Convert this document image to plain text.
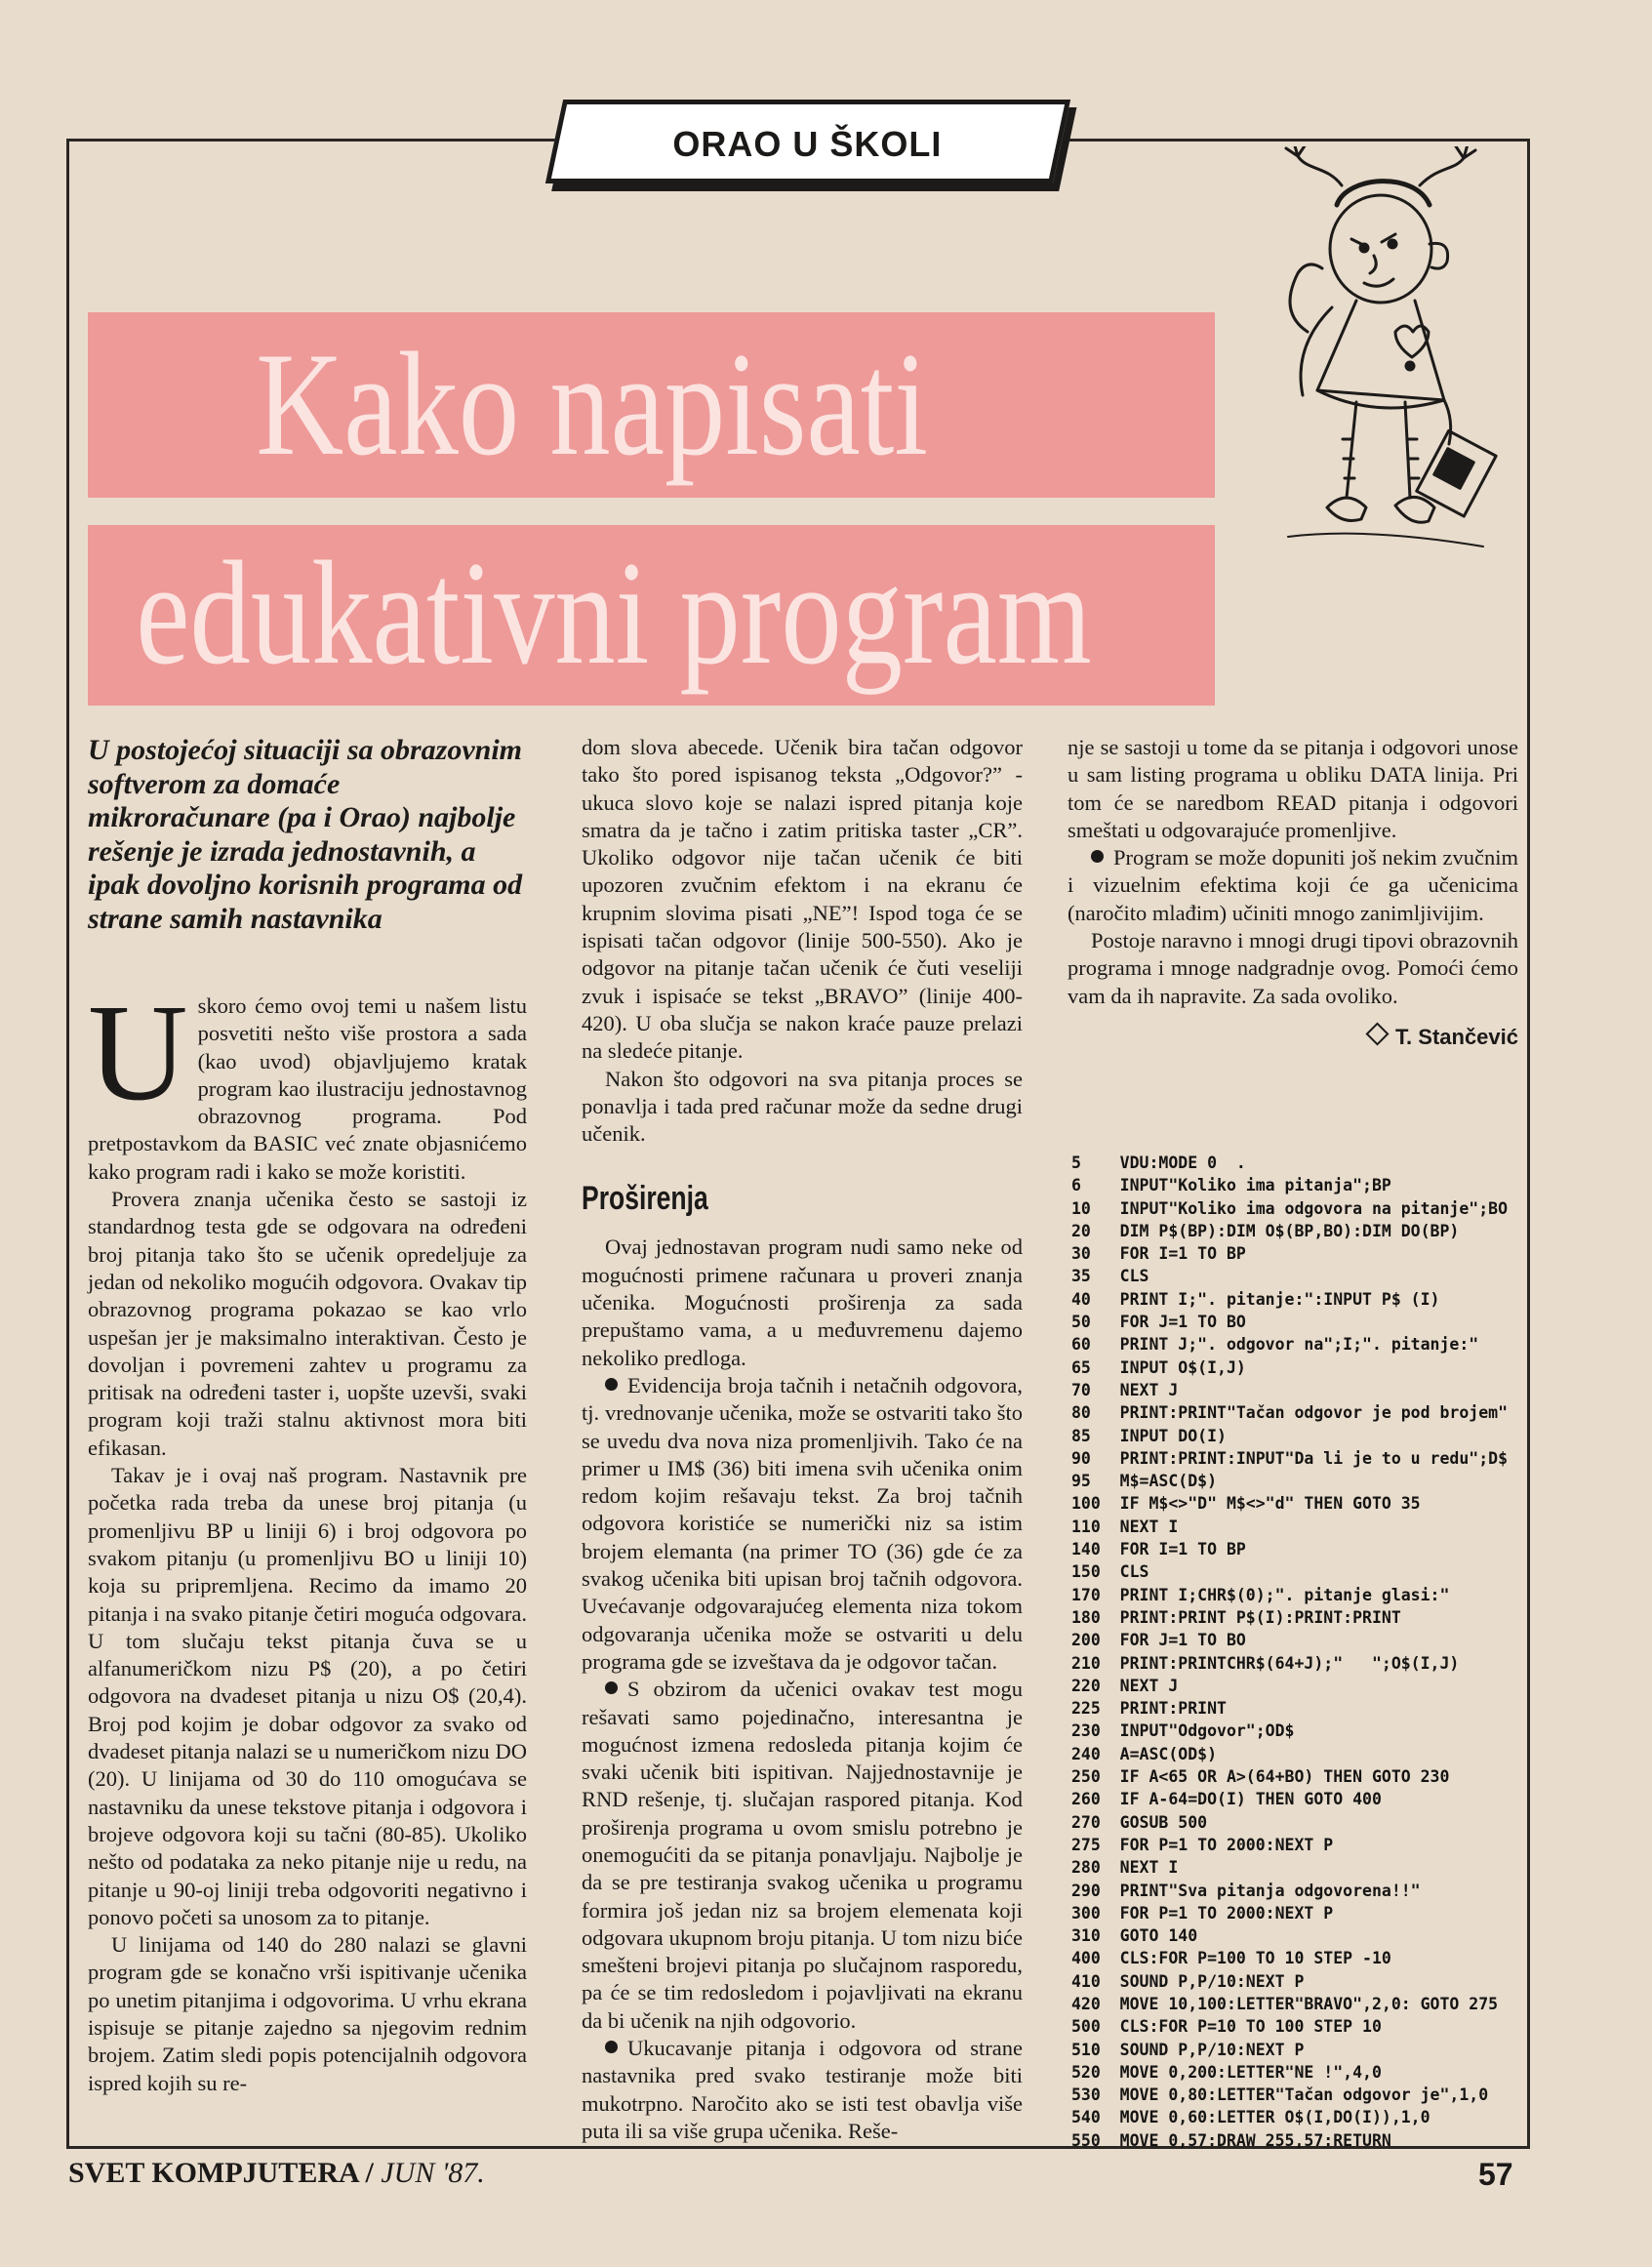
ORAO U ŠKOLI
Kako napisati
edukativni program

U postojećoj situaciji sa obrazovnim softverom za domaće mikroračunare (pa i Orao) najbolje rešenje je izrada jednostavnih, a ipak dovoljno korisnih programa od strane samih nastavnika

Uskoro ćemo ovoj temi u našem listu posvetiti nešto više prostora a sada (kao uvod) objavljujemo kratak program kao ilustraciju jednostavnog obrazovnog programa. Pod pretpostavkom da BASIC već znate objasnićemo kako program radi i kako se može koristiti.

Provera znanja učenika često se sastoji iz standardnog testa gde se odgovara na određeni broj pitanja tako što se učenik opredeljuje za jedan od nekoliko mogućih odgovora. Ovakav tip obrazovnog programa pokazao se kao vrlo uspešan jer je maksimalno interaktivan. Često je dovoljan i povremeni zahtev u programu za pritisak na određeni taster i, uopšte uzevši, svaki program koji traži stalnu aktivnost mora biti efikasan.

Takav je i ovaj naš program. Nastavnik pre početka rada treba da unese broj pitanja (u promenljivu BP u liniji 6) i broj odgovora po svakom pitanju (u promenljivu BO u liniji 10) koja su pripremljena. Recimo da imamo 20 pitanja i na svako pitanje četiri moguća odgovara. U tom slučaju tekst pitanja čuva se u alfanumeričkom nizu P$ (20), a po četiri odgovora na dvadeset pitanja u nizu O$ (20,4). Broj pod kojim je dobar odgovor za svako od dvadeset pitanja nalazi se u numeričkom nizu DO (20). U linijama od 30 do 110 omogućava se nastavniku da unese tekstove pitanja i odgovora i brojeve odgovora koji su tačni (80-85). Ukoliko nešto od podataka za neko pitanje nije u redu, na pitanje u 90-oj liniji treba odgovoriti negativno i ponovo početi sa unosom za to pitanje.

U linijama od 140 do 280 nalazi se glavni program gde se konačno vrši ispitivanje učenika po unetim pitanjima i odgovorima. U vrhu ekrana ispisuje se pitanje zajedno sa njegovim rednim brojem. Zatim sledi popis potencijalnih odgovora ispred kojih su re-

dom slova abecede. Učenik bira tačan odgovor tako što pored ispisanog teksta „Odgovor?” - ukuca slovo koje se nalazi ispred pitanja koje smatra da je tačno i zatim pritiska taster „CR”. Ukoliko odgovor nije tačan učenik će biti upozoren zvučnim efektom i na ekranu će krupnim slovima pisati „NE”! Ispod toga će se ispisati tačan odgovor (linije 500-550). Ako je odgovor na pitanje tačan učenik će čuti veseliji zvuk i ispisaće se tekst „BRAVO” (linije 400-420). U oba slučja se nakon kraće pauze prelazi na sledeće pitanje.

Nakon što odgovori na sva pitanja proces se ponavlja i tada pred računar može da sedne drugi učenik.

Proširenja

Ovaj jednostavan program nudi samo neke od mogućnosti primene računara u proveri znanja učenika. Mogućnosti proširenja za sada prepuštamo vama, a u međuvremenu dajemo nekoliko predloga.

Evidencija broja tačnih i netačnih odgovora, tj. vrednovanje učenika, može se ostvariti tako što se uvedu dva nova niza promenljivih. Tako će na primer u IM$ (36) biti imena svih učenika onim redom kojim rešavaju tekst. Za broj tačnih odgovora koristiće se numerički niz sa istim brojem elemanta (na primer TO (36) gde će za svakog učenika biti upisan broj tačnih odgovora. Uvećavanje odgovarajućeg elementa niza tokom odgovaranja učenika može se ostvariti u delu programa gde se izveštava da je odgovor tačan.

S obzirom da učenici ovakav test mogu rešavati samo pojedinačno, interesantna je mogućnost izmena redosleda pitanja kojim će svaki učenik biti ispitivan. Najjednostavnije je RND rešenje, tj. slučajan raspored pitanja. Kod proširenja programa u ovom smislu potrebno je onemogućiti da se pitanja ponavljaju. Najbolje je da se pre testiranja svakog učenika u programu formira još jedan niz sa brojem elemenata koji odgovara ukupnom broju pitanja. U tom nizu biće smešteni brojevi pitanja po slučajnom rasporedu, pa će se tim redosledom i pojavljivati na ekranu da bi učenik na njih odgovorio.

Ukucavanje pitanja i odgovora od strane nastavnika pred svako testiranje može biti mukotrpno. Naročito ako se isti test obavlja više puta ili sa više grupa učenika. Reše-

nje se sastoji u tome da se pitanja i odgovori unose u sam listing programa u obliku DATA linija. Pri tom će se naredbom READ pitanja i odgovori smeštati u odgovarajuće promenljive.

Program se može dopuniti još nekim zvučnim i vizuelnim efektima koji će ga učenicima (naročito mlađim) učiniti mnogo zanimljivijim.

Postoje naravno i mnogi drugi tipovi obrazovnih programa i mnoge nadgradnje ovog. Pomoći ćemo vam da ih napravite. Za sada ovoliko.

T. Stančević
5    VDU:MODE 0  .
6    INPUT"Koliko ima pitanja";BP
10   INPUT"Koliko ima odgovora na pitanje";BO
20   DIM P$(BP):DIM O$(BP,BO):DIM DO(BP)
30   FOR I=1 TO BP
35   CLS
40   PRINT I;". pitanje:":INPUT P$ (I)
50   FOR J=1 TO BO
60   PRINT J;". odgovor na";I;". pitanje:"
65   INPUT O$(I,J)
70   NEXT J
80   PRINT:PRINT"Tačan odgovor je pod brojem"
85   INPUT DO(I)
90   PRINT:PRINT:INPUT"Da li je to u redu";D$
95   M$=ASC(D$)
100  IF M$<>"D" M$<>"d" THEN GOTO 35
110  NEXT I
140  FOR I=1 TO BP
150  CLS
170  PRINT I;CHR$(0);". pitanje glasi:"
180  PRINT:PRINT P$(I):PRINT:PRINT
200  FOR J=1 TO BO
210  PRINT:PRINTCHR$(64+J);"   ";O$(I,J)
220  NEXT J
225  PRINT:PRINT
230  INPUT"Odgovor";OD$
240  A=ASC(OD$)
250  IF A<65 OR A>(64+BO) THEN GOTO 230
260  IF A-64=DO(I) THEN GOTO 400
270  GOSUB 500
275  FOR P=1 TO 2000:NEXT P
280  NEXT I
290  PRINT"Sva pitanja odgovorena!!"
300  FOR P=1 TO 2000:NEXT P
310  GOTO 140
400  CLS:FOR P=100 TO 10 STEP -10
410  SOUND P,P/10:NEXT P
420  MOVE 10,100:LETTER"BRAVO",2,0: GOTO 275
500  CLS:FOR P=10 TO 100 STEP 10
510  SOUND P,P/10:NEXT P
520  MOVE 0,200:LETTER"NE !",4,0
530  MOVE 0,80:LETTER"Tačan odgovor je",1,0
540  MOVE 0,60:LETTER O$(I,DO(I)),1,0
550  MOVE 0,57:DRAW 255,57:RETURN
SVET KOMPJUTERA / JUN '87.	57
